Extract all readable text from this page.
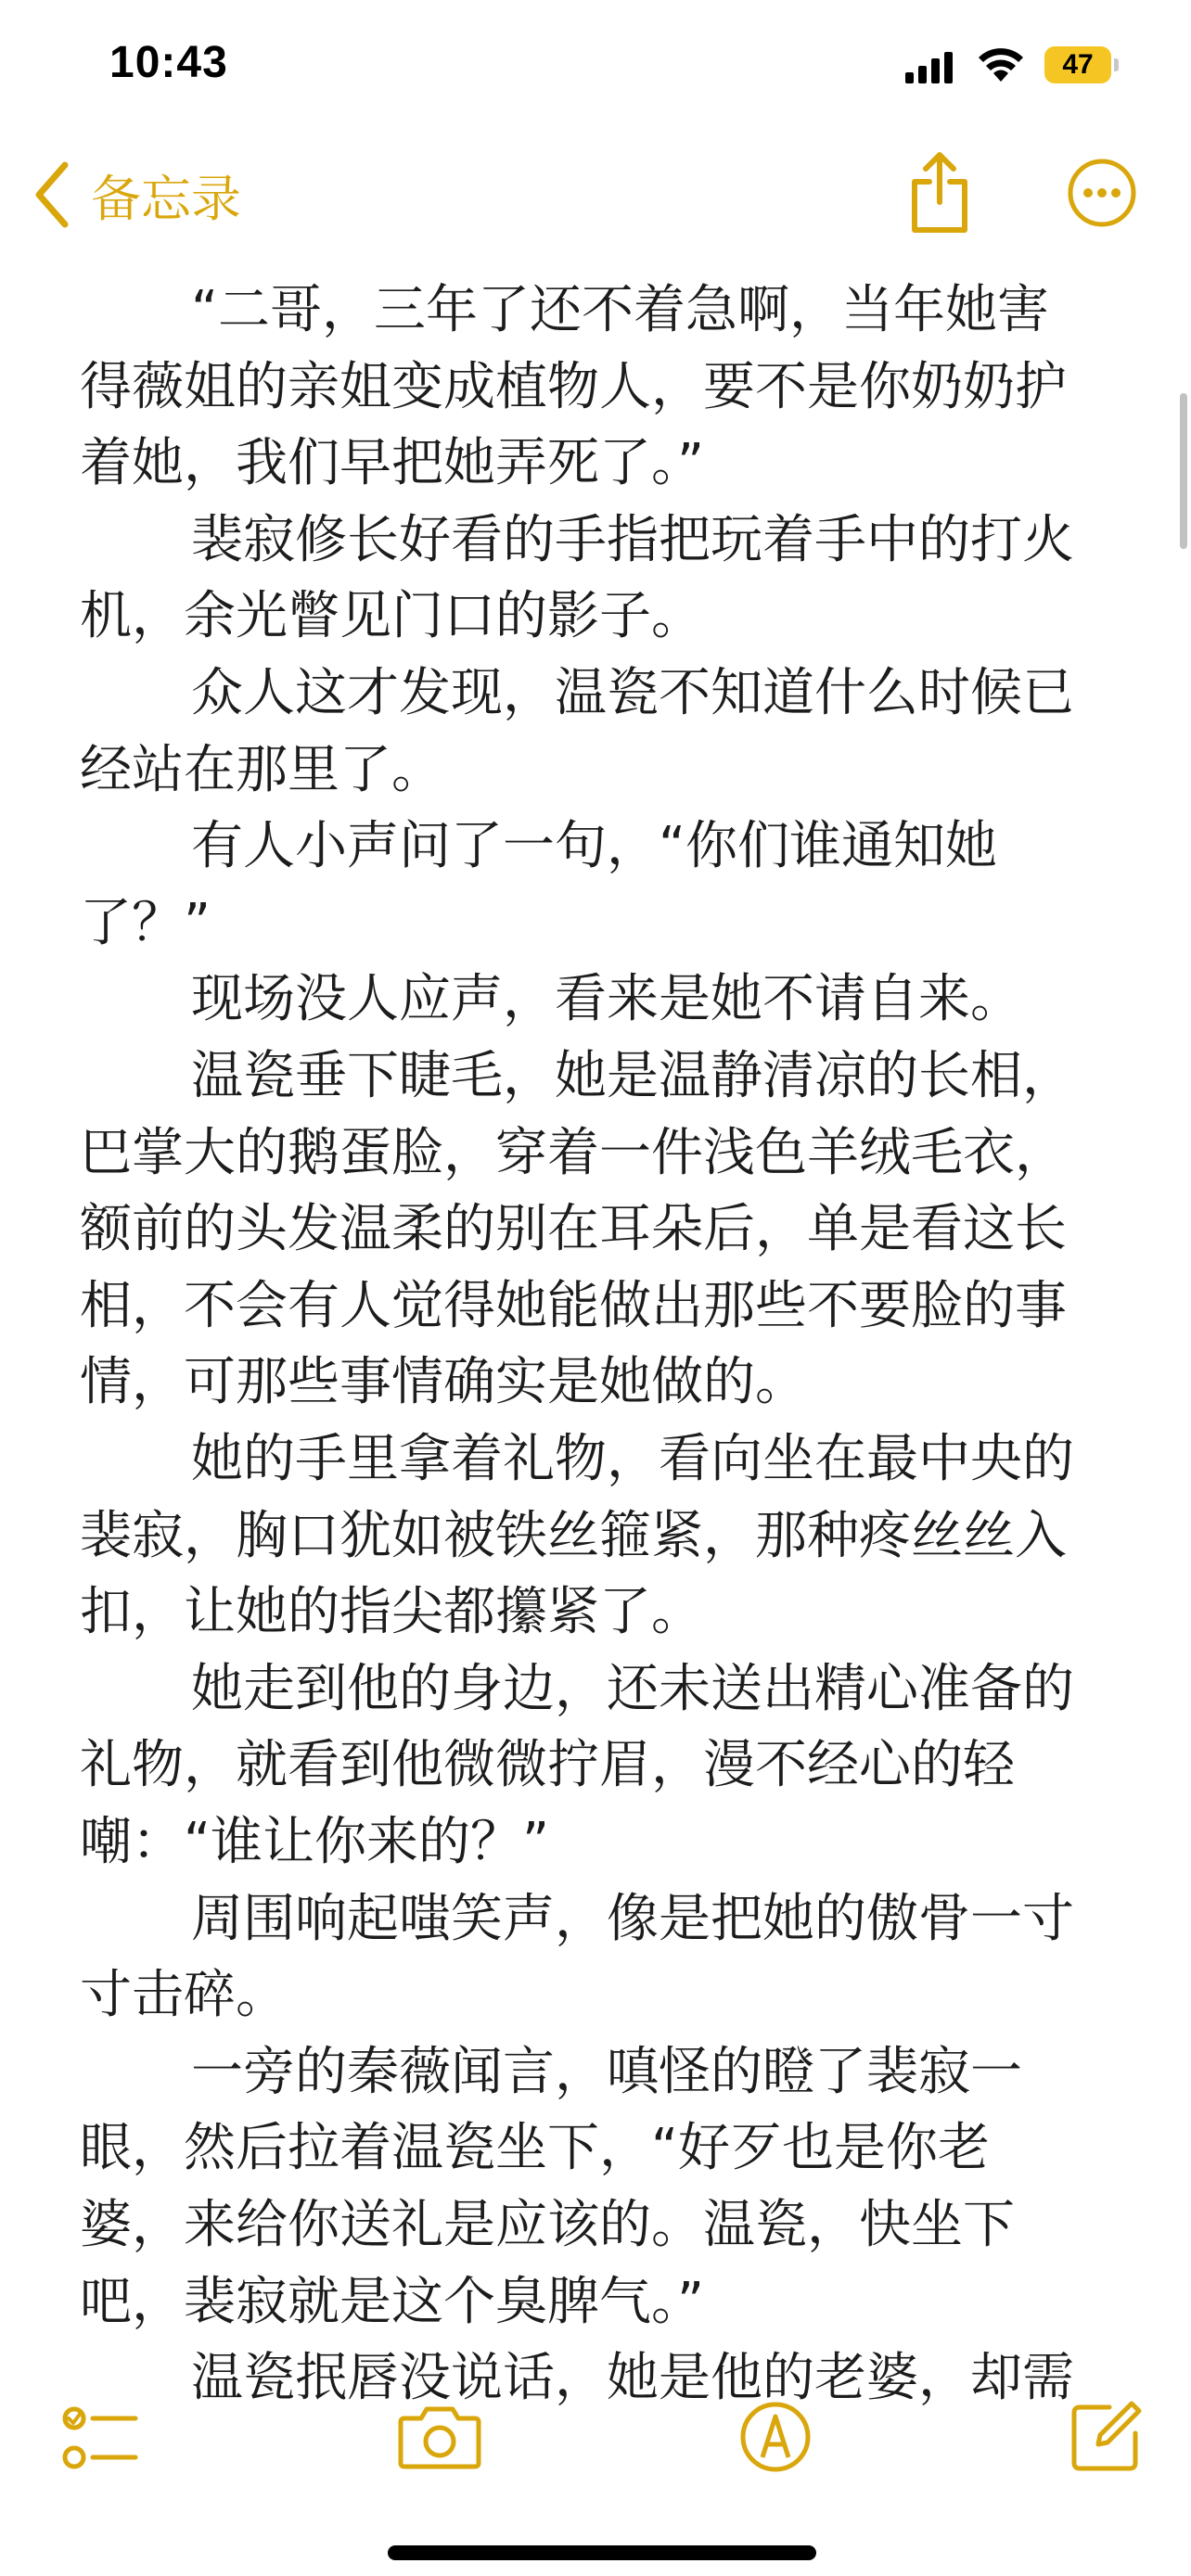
10:43	47
备忘录
“二哥，三年了还不着急啊，当年她害
得薇姐的亲姐变成植物人，要不是你奶奶护
着她，我们早把她弄死了。”
裴寂修长好看的手指把玩着手中的打火
机，余光瞥见门口的影子。
众人这才发现，温瓷不知道什么时候已
经站在那里了。
有人小声问了一句，“你们谁通知她
了？”
现场没人应声，看来是她不请自来。
温瓷垂下睫毛，她是温静清凉的长相，
巴掌大的鹅蛋脸，穿着一件浅色羊绒毛衣，
额前的头发温柔的别在耳朵后，单是看这长
相，不会有人觉得她能做出那些不要脸的事
情，可那些事情确实是她做的。
她的手里拿着礼物，看向坐在最中央的
裴寂，胸口犹如被铁丝箍紧，那种疼丝丝入
扣，让她的指尖都攥紧了。
她走到他的身边，还未送出精心准备的
礼物，就看到他微微拧眉，漫不经心的轻
嘲：“谁让你来的？”
周围响起嗤笑声，像是把她的傲骨一寸
寸击碎。
一旁的秦薇闻言，嗔怪的瞪了裴寂一
眼，然后拉着温瓷坐下，“好歹也是你老
婆，来给你送礼是应该的。温瓷，快坐下
吧，裴寂就是这个臭脾气。”
温瓷抿唇没说话，她是他的老婆，却需
